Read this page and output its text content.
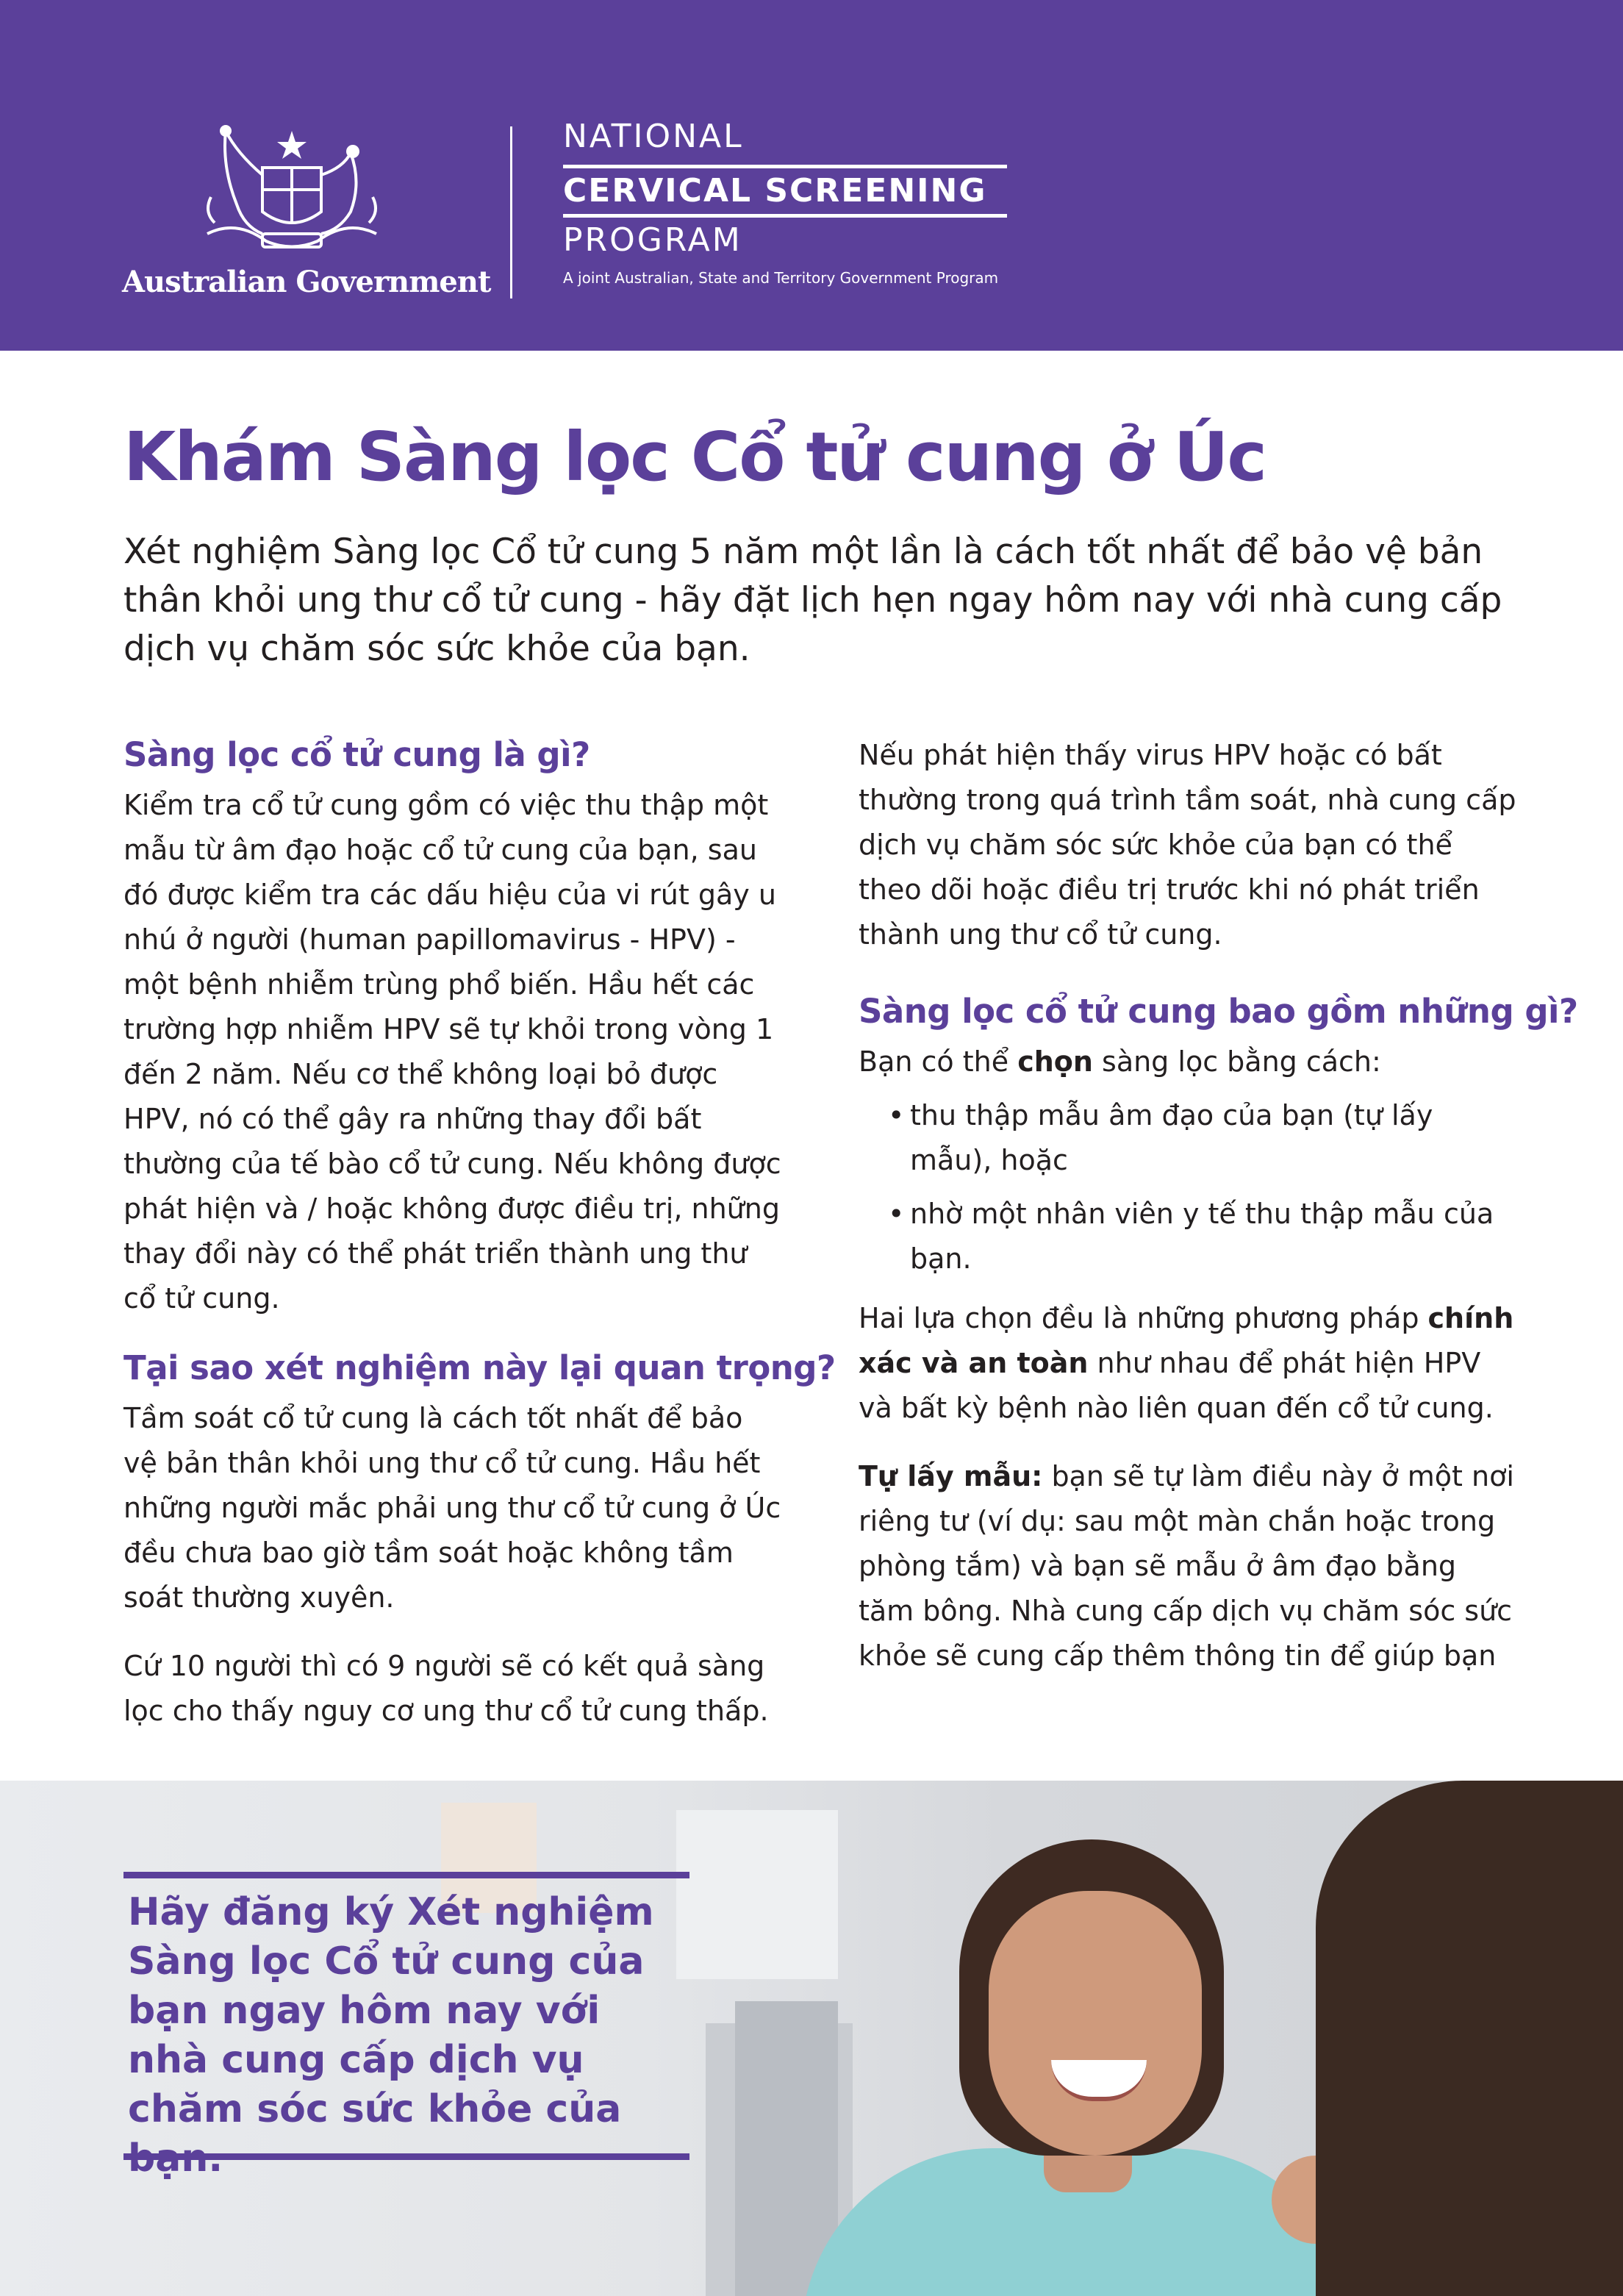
Australian Government
NATIONAL
CERVICAL SCREENING
PROGRAM
A joint Australian, State and Territory Government Program
Khám Sàng lọc Cổ tử cung ở Úc
Xét nghiệm Sàng lọc Cổ tử cung 5 năm một lần là cách tốt nhất để bảo vệ bản thân khỏi ung thư cổ tử cung - hãy đặt lịch hẹn ngay hôm nay với nhà cung cấp dịch vụ chăm sóc sức khỏe của bạn.
Sàng lọc cổ tử cung là gì?

Kiểm tra cổ tử cung gồm có việc thu thập một mẫu từ âm đạo hoặc cổ tử cung của bạn, sau đó được kiểm tra các dấu hiệu của vi rút gây u nhú ở người (human papillomavirus - HPV) - một bệnh nhiễm trùng phổ biến. Hầu hết các trường hợp nhiễm HPV sẽ tự khỏi trong vòng 1 đến 2 năm. Nếu cơ thể không loại bỏ được HPV, nó có thể gây ra những thay đổi bất thường của tế bào cổ tử cung. Nếu không được phát hiện và / hoặc không được điều trị, những thay đổi này có thể phát triển thành ung thư cổ tử cung.

Tại sao xét nghiệm này lại quan trọng?

Tầm soát cổ tử cung là cách tốt nhất để bảo vệ bản thân khỏi ung thư cổ tử cung. Hầu hết những người mắc phải ung thư cổ tử cung ở Úc đều chưa bao giờ tầm soát hoặc không tầm soát thường xuyên.

Cứ 10 người thì có 9 người sẽ có kết quả sàng lọc cho thấy nguy cơ ung thư cổ tử cung thấp.

Nếu phát hiện thấy virus HPV hoặc có bất thường trong quá trình tầm soát, nhà cung cấp dịch vụ chăm sóc sức khỏe của bạn có thể theo dõi hoặc điều trị trước khi nó phát triển thành ung thư cổ tử cung.

Sàng lọc cổ tử cung bao gồm những gì?

Bạn có thể chọn sàng lọc bằng cách:

• thu thập mẫu âm đạo của bạn (tự lấy mẫu), hoặc
• nhờ một nhân viên y tế thu thập mẫu của bạn.

Hai lựa chọn đều là những phương pháp chính xác và an toàn như nhau để phát hiện HPV và bất kỳ bệnh nào liên quan đến cổ tử cung.

Tự lấy mẫu: bạn sẽ tự làm điều này ở một nơi riêng tư (ví dụ: sau một màn chắn hoặc trong phòng tắm) và bạn sẽ mẫu ở âm đạo bằng tăm bông. Nhà cung cấp dịch vụ chăm sóc sức khỏe sẽ cung cấp thêm thông tin để giúp bạn

Hãy đăng ký Xét nghiệm Sàng lọc Cổ tử cung của bạn ngay hôm nay với nhà cung cấp dịch vụ chăm sóc sức khỏe của
